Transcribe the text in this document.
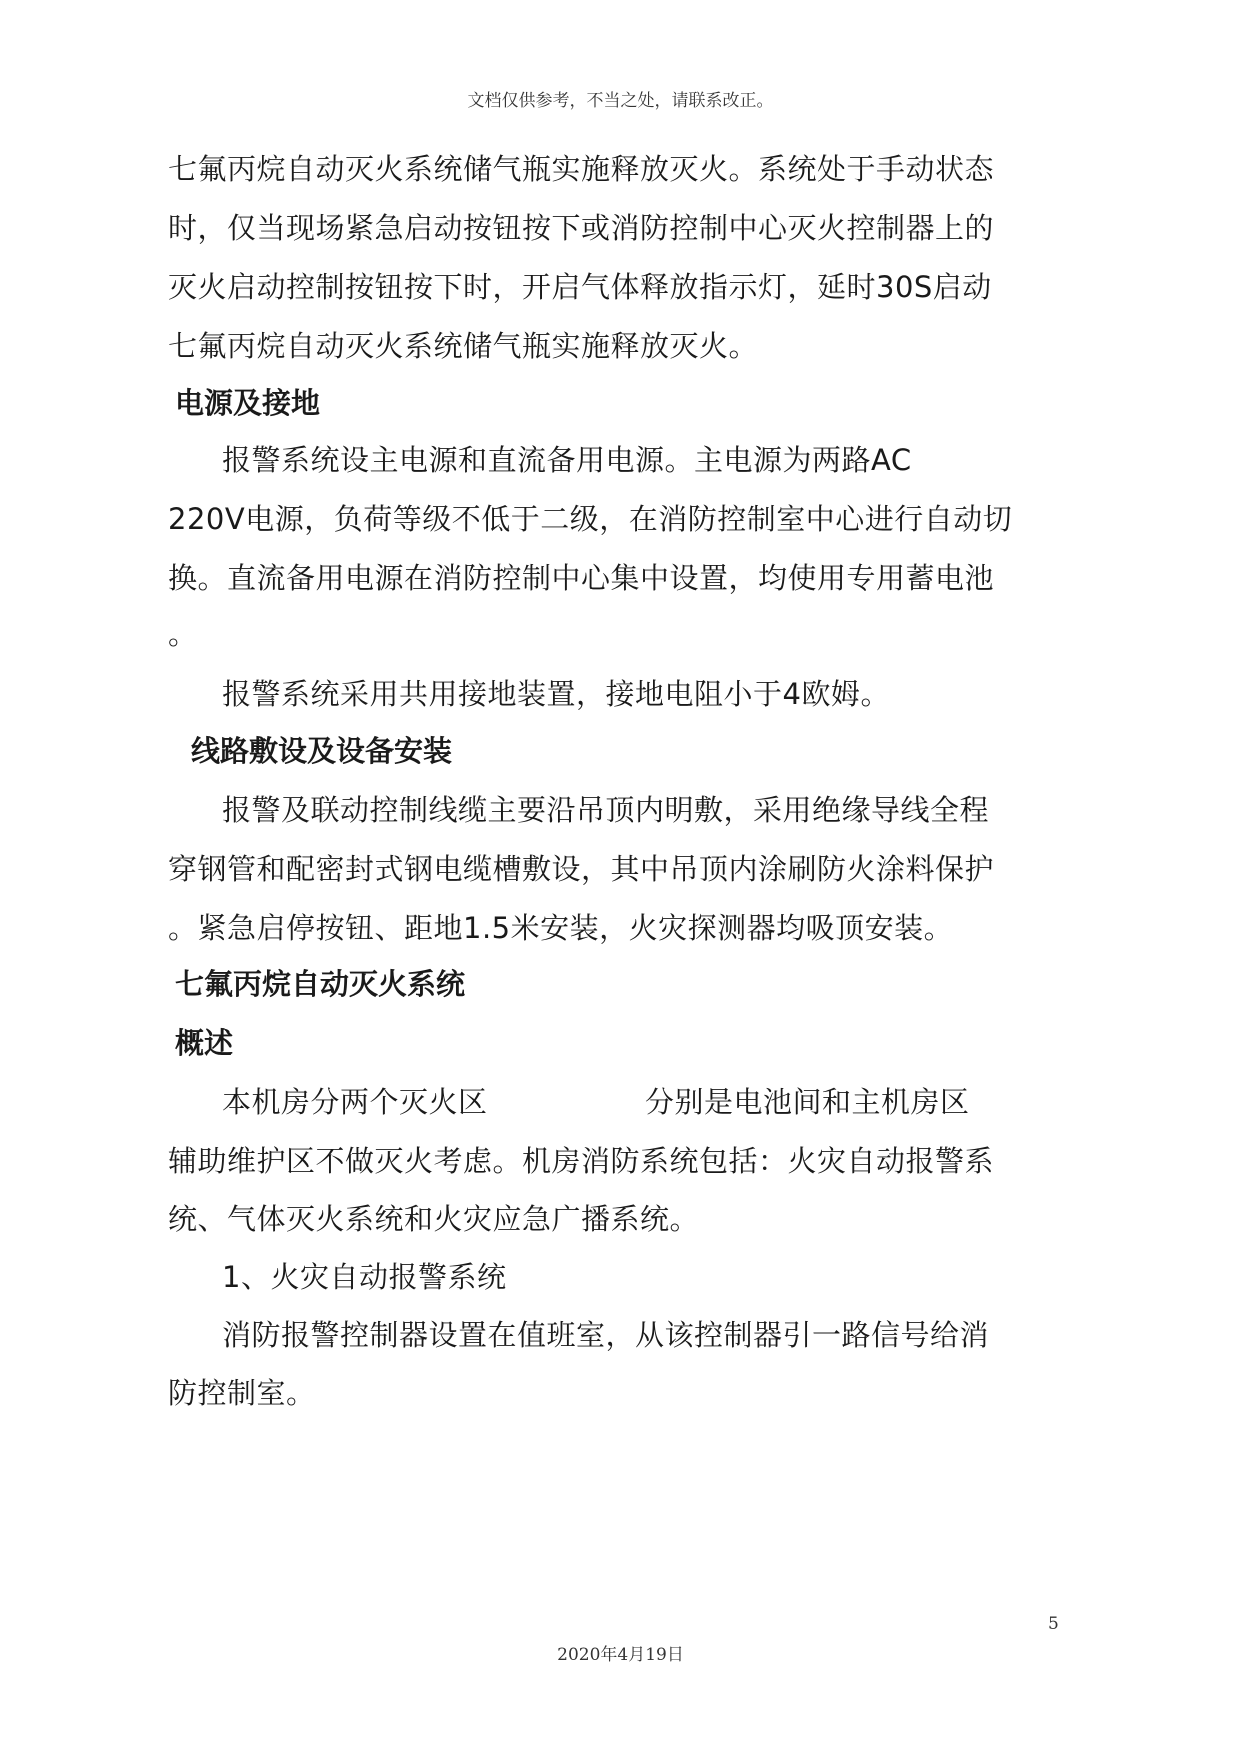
文档仅供参考，不当之处，请联系改正。
七氟丙烷自动灭火系统储气瓶实施释放灭火。系统处于手动状态
时，仅当现场紧急启动按钮按下或消防控制中心灭火控制器上的
灭火启动控制按钮按下时，开启气体释放指示灯，延时30S启动
七氟丙烷自动灭火系统储气瓶实施释放灭火。
电源及接地
报警系统设主电源和直流备用电源。主电源为两路AC
220V电源，负荷等级不低于二级，在消防控制室中心进行自动切
换。直流备用电源在消防控制中心集中设置，均使用专用蓄电池
。
报警系统采用共用接地装置，接地电阻小于4欧姆。
线路敷设及设备安装
报警及联动控制线缆主要沿吊顶内明敷，采用绝缘导线全程
穿钢管和配密封式钢电缆槽敷设，其中吊顶内涂刷防火涂料保护
。紧急启停按钮、距地1.5米安装，火灾探测器均吸顶安装。
七氟丙烷自动灭火系统
概述
本机房分两个灭火区	分别是电池间和主机房区
辅助维护区不做灭火考虑。机房消防系统包括：火灾自动报警系
统、气体灭火系统和火灾应急广播系统。
1、火灾自动报警系统
消防报警控制器设置在值班室，从该控制器引一路信号给消
防控制室。
5
2020年4月19日
